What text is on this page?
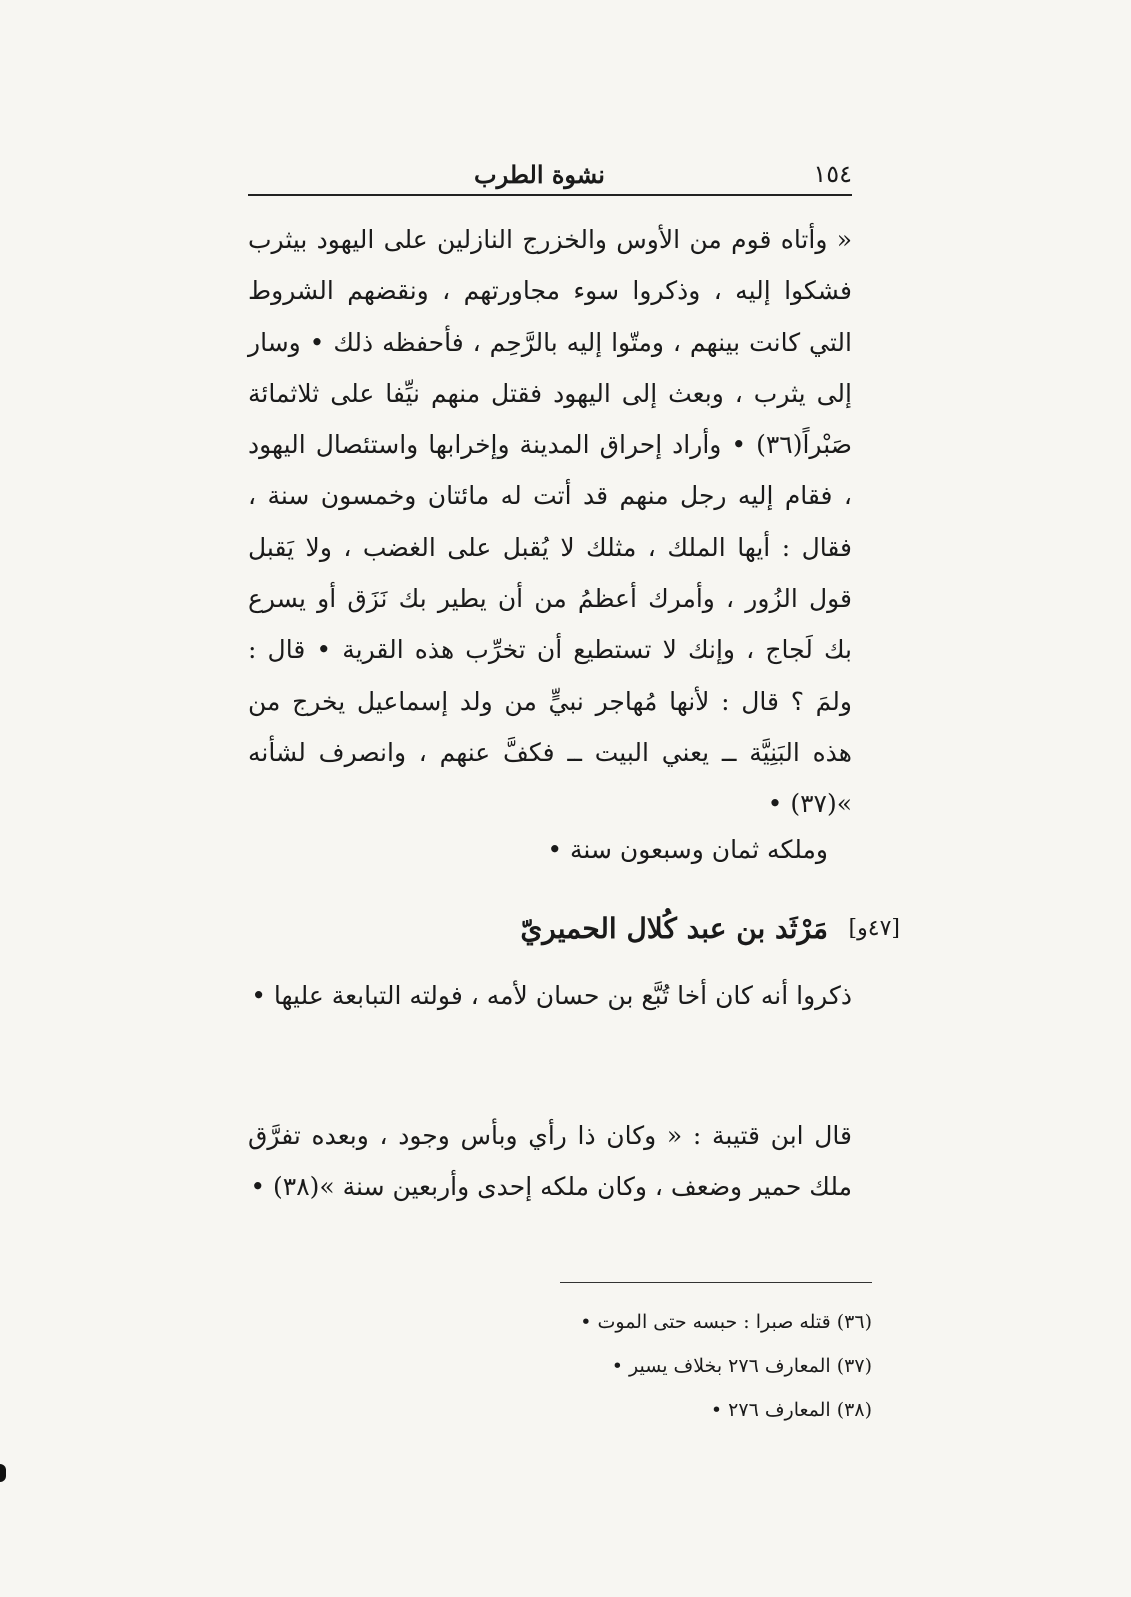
١٥٤
نشوة الطرب

« وأتاه قوم من الأوس والخزرج النازلين على اليهود بيثرب فشكوا إليه ، وذكروا سوء مجاورتهم ، ونقضهم الشروط التي كانت بينهم ، ومتّوا إليه بالرَّحِم ، فأحفظه ذلك • وسار إلى يثرب ، وبعث إلى اليهود فقتل منهم نيِّفا على ثلاثمائة صَبْراً(٣٦) • وأراد إحراق المدينة وإخرابها واستئصال اليهود ، فقام إليه رجل منهم قد أتت له مائتان وخمسون سنة ، فقال : أيها الملك ، مثلك لا يُقبل على الغضب ، ولا يَقبل قول الزُور ، وأمرك أعظمُ من أن يطير بك نَزَق أو يسرع بك لَجاج ، وإنك لا تستطيع أن تخرِّب هذه القرية • قال : ولمَ ؟ قال : لأنها مُهاجر نبيٍّ من ولد إسماعيل يخرج من هذه البَنِيَّة ــ يعني البيت ــ فكفَّ عنهم ، وانصرف لشأنه »(٣٧) •

وملكه ثمان وسبعون سنة •

[٤٧و]
مَرْثَد بن عبد كُلال الحميريّ

ذكروا أنه كان أخا تُبَّع بن حسان لأمه ، فولته التبابعة عليها •

قال ابن قتيبة : « وكان ذا رأي وبأس وجود ، وبعده تفرَّق ملك حمير وضعف ، وكان ملكه إحدى وأربعين سنة »(٣٨) •

(٣٦) قتله صبرا : حبسه حتى الموت •
(٣٧) المعارف ٢٧٦ بخلاف يسير •
(٣٨) المعارف ٢٧٦ •
